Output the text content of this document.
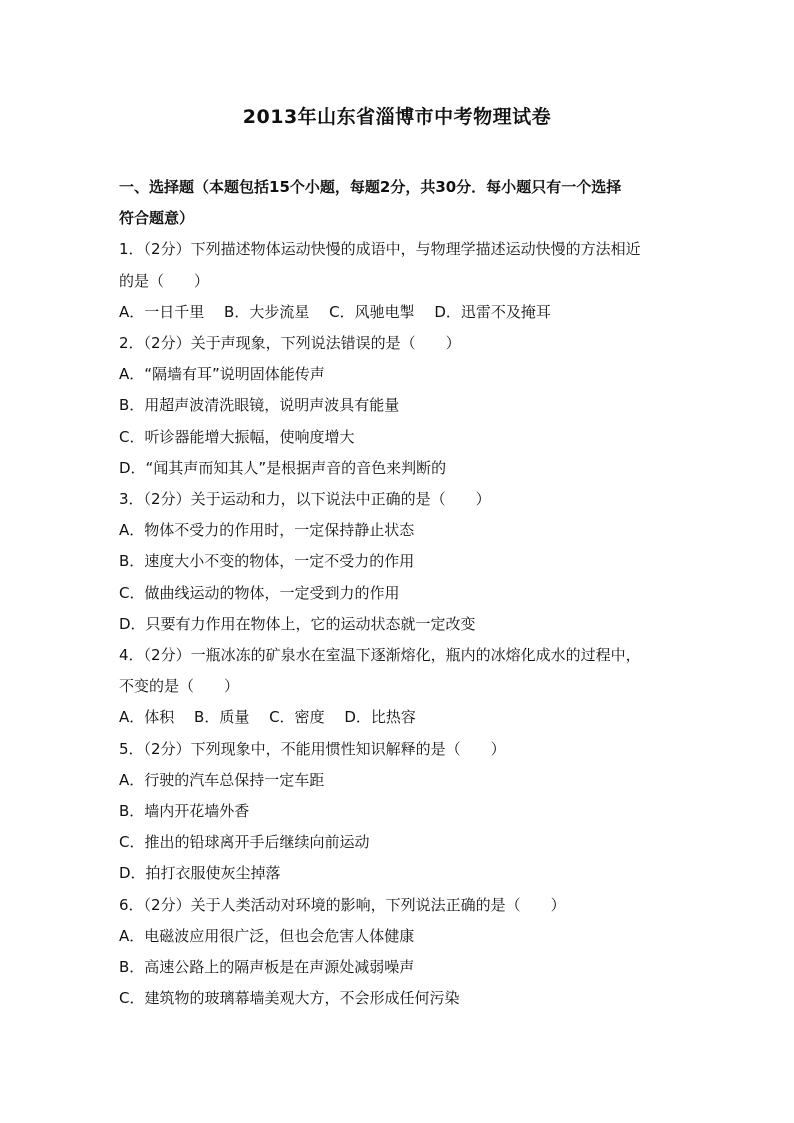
2013年山东省淄博市中考物理试卷
一、选择题（本题包括15个小题，每题2分，共30分．每小题只有一个选择
符合题意）
1．（2分）下列描述物体运动快慢的成语中，与物理学描述运动快慢的方法相近
的是（　　）
A．一日千里　 B．大步流星　 C．风驰电掣　 D．迅雷不及掩耳
2．（2分）关于声现象，下列说法错误的是（　　）
A．“隔墙有耳”说明固体能传声
B．用超声波清洗眼镜，说明声波具有能量
C．听诊器能增大振幅，使响度增大
D．“闻其声而知其人”是根据声音的音色来判断的
3．（2分）关于运动和力，以下说法中正确的是（　　）
A．物体不受力的作用时，一定保持静止状态
B．速度大小不变的物体，一定不受力的作用
C．做曲线运动的物体，一定受到力的作用
D．只要有力作用在物体上，它的运动状态就一定改变
4．（2分）一瓶冰冻的矿泉水在室温下逐渐熔化，瓶内的冰熔化成水的过程中，
不变的是（　　）
A．体积　 B．质量　 C．密度　 D．比热容
5．（2分）下列现象中，不能用惯性知识解释的是（　　）
A．行驶的汽车总保持一定车距
B．墙内开花墙外香
C．推出的铅球离开手后继续向前运动
D．拍打衣服使灰尘掉落
6．（2分）关于人类活动对环境的影响，下列说法正确的是（　　）
A．电磁波应用很广泛，但也会危害人体健康
B．高速公路上的隔声板是在声源处减弱噪声
C．建筑物的玻璃幕墙美观大方，不会形成任何污染
